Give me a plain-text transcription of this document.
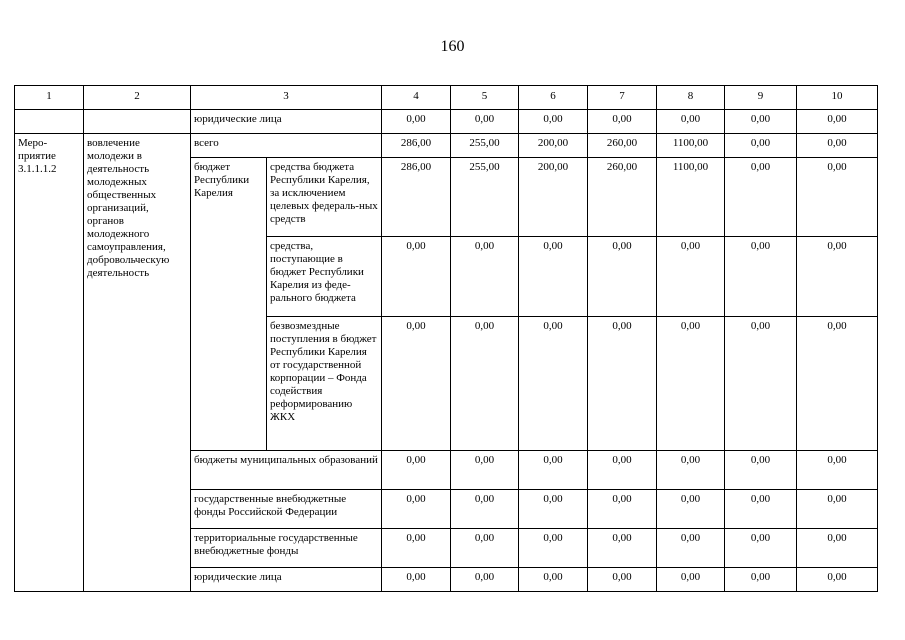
160
1	2	3		4	5	6	7	8	9	10
		юридические лица		0,00	0,00	0,00	0,00	0,00	0,00	0,00
Меро-приятие 3.1.1.1.2	вовлечение молодежи в деятельность молодежных общественных организаций, органов молодежного самоуправления, добровольческую деятельность	всего		286,00	255,00	200,00	260,00	1100,00	0,00	0,00
		бюджет Республики Карелия	средства бюджета Республики Карелия, за исключением целевых федераль-ных средств	286,00	255,00	200,00	260,00	1100,00	0,00	0,00
			средства, поступающие в бюджет Республики Карелия из феде-рального бюджета	0,00	0,00	0,00	0,00	0,00	0,00	0,00
			безвозмездные поступления в бюджет Республики Карелия от государственной корпорации – Фонда содействия реформированию ЖКХ	0,00	0,00	0,00	0,00	0,00	0,00	0,00
		бюджеты муниципальных образований		0,00	0,00	0,00	0,00	0,00	0,00	0,00
		государственные внебюджетные фонды Российской Федерации		0,00	0,00	0,00	0,00	0,00	0,00	0,00
		территориальные государственные внебюджетные фонды		0,00	0,00	0,00	0,00	0,00	0,00	0,00
		юридические лица		0,00	0,00	0,00	0,00	0,00	0,00	0,00
